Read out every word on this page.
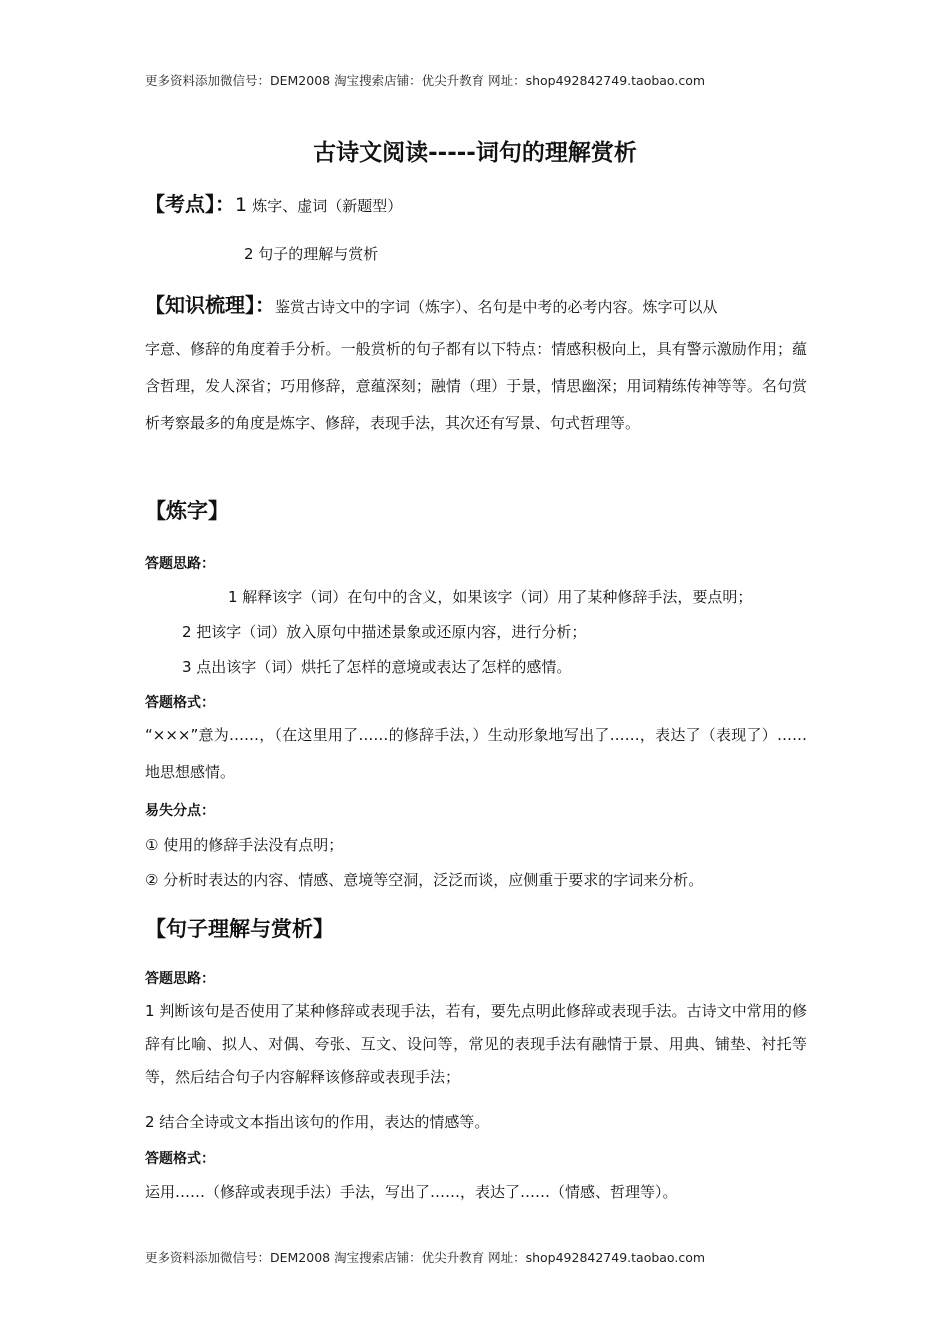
更多资料添加微信号：DEM2008 淘宝搜索店铺：优尖升教育 网址：shop492842749.taobao.com
古诗文阅读-----词句的理解赏析
【考点】：1 炼字、虚词（新题型）
2 句子的理解与赏析
【知识梳理】：鉴赏古诗文中的字词（炼字）、名句是中考的必考内容。炼字可以从
字意、修辞的角度着手分析。一般赏析的句子都有以下特点：情感积极向上，具有警示激励作用；蕴含哲理，发人深省；巧用修辞，意蕴深刻；融情（理）于景，情思幽深；用词精练传神等等。名句赏析考察最多的角度是炼字、修辞，表现手法，其次还有写景、句式哲理等。
【炼字】
答题思路：
1 解释该字（词）在句中的含义，如果该字（词）用了某种修辞手法，要点明；
2 把该字（词）放入原句中描述景象或还原内容，进行分析；
3 点出该字（词）烘托了怎样的意境或表达了怎样的感情。
答题格式：
“×××”意为……，（在这里用了……的修辞手法，）生动形象地写出了……，表达了（表现了）……地思想感情。
易失分点：
① 使用的修辞手法没有点明；
② 分析时表达的内容、情感、意境等空洞，泛泛而谈，应侧重于要求的字词来分析。
【句子理解与赏析】
答题思路：
1 判断该句是否使用了某种修辞或表现手法，若有，要先点明此修辞或表现手法。古诗文中常用的修辞有比喻、拟人、对偶、夸张、互文、设问等，常见的表现手法有融情于景、用典、铺垫、衬托等等，然后结合句子内容解释该修辞或表现手法；
2 结合全诗或文本指出该句的作用，表达的情感等。
答题格式：
运用……（修辞或表现手法）手法，写出了……，表达了……（情感、哲理等）。
更多资料添加微信号：DEM2008 淘宝搜索店铺：优尖升教育 网址：shop492842749.taobao.com
